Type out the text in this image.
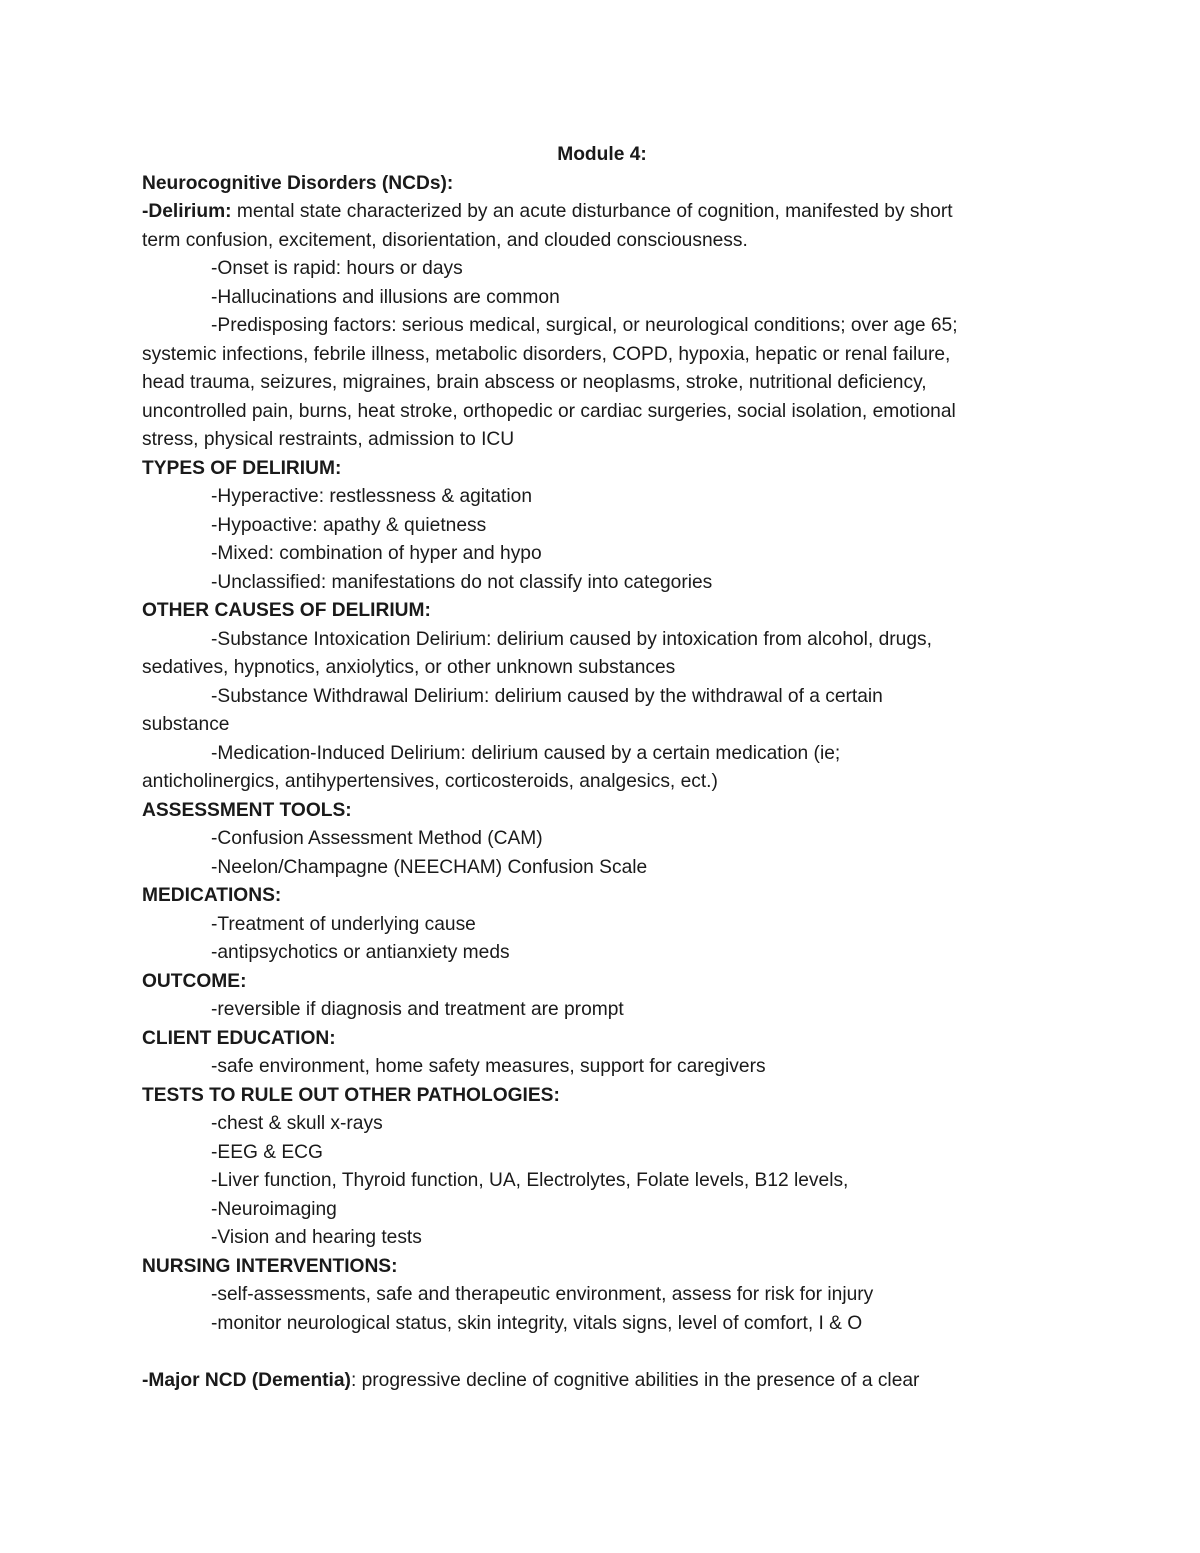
Module 4:

Neurocognitive Disorders (NCDs):

-Delirium: mental state characterized by an acute disturbance of cognition, manifested by short

term confusion, excitement, disorientation, and clouded consciousness.

-Onset is rapid: hours or days

-Hallucinations and illusions are common

-Predisposing factors: serious medical, surgical, or neurological conditions; over age 65;

systemic infections, febrile illness, metabolic disorders, COPD, hypoxia, hepatic or renal failure,

head trauma, seizures, migraines, brain abscess or neoplasms, stroke, nutritional deficiency,

uncontrolled pain, burns, heat stroke, orthopedic or cardiac surgeries, social isolation, emotional

stress, physical restraints, admission to ICU

TYPES OF DELIRIUM:

-Hyperactive: restlessness & agitation

-Hypoactive: apathy & quietness

-Mixed: combination of hyper and hypo

-Unclassified: manifestations do not classify into categories

OTHER CAUSES OF DELIRIUM:

-Substance Intoxication Delirium: delirium caused by intoxication from alcohol, drugs,

sedatives, hypnotics, anxiolytics, or other unknown substances

-Substance Withdrawal Delirium: delirium caused by the withdrawal of a certain

substance

-Medication-Induced Delirium: delirium caused by a certain medication (ie;

anticholinergics, antihypertensives, corticosteroids, analgesics, ect.)

ASSESSMENT TOOLS:

-Confusion Assessment Method (CAM)

-Neelon/Champagne (NEECHAM) Confusion Scale

MEDICATIONS:

-Treatment of underlying cause

-antipsychotics or antianxiety meds

OUTCOME:

-reversible if diagnosis and treatment are prompt

CLIENT EDUCATION:

-safe environment, home safety measures, support for caregivers

TESTS TO RULE OUT OTHER PATHOLOGIES:

-chest & skull x-rays

-EEG & ECG

-Liver function, Thyroid function, UA, Electrolytes, Folate levels, B12 levels,

-Neuroimaging

-Vision and hearing tests

NURSING INTERVENTIONS:

-self-assessments, safe and therapeutic environment, assess for risk for injury

-monitor neurological status, skin integrity, vitals signs, level of comfort, I & O

-Major NCD (Dementia): progressive decline of cognitive abilities in the presence of a clear
